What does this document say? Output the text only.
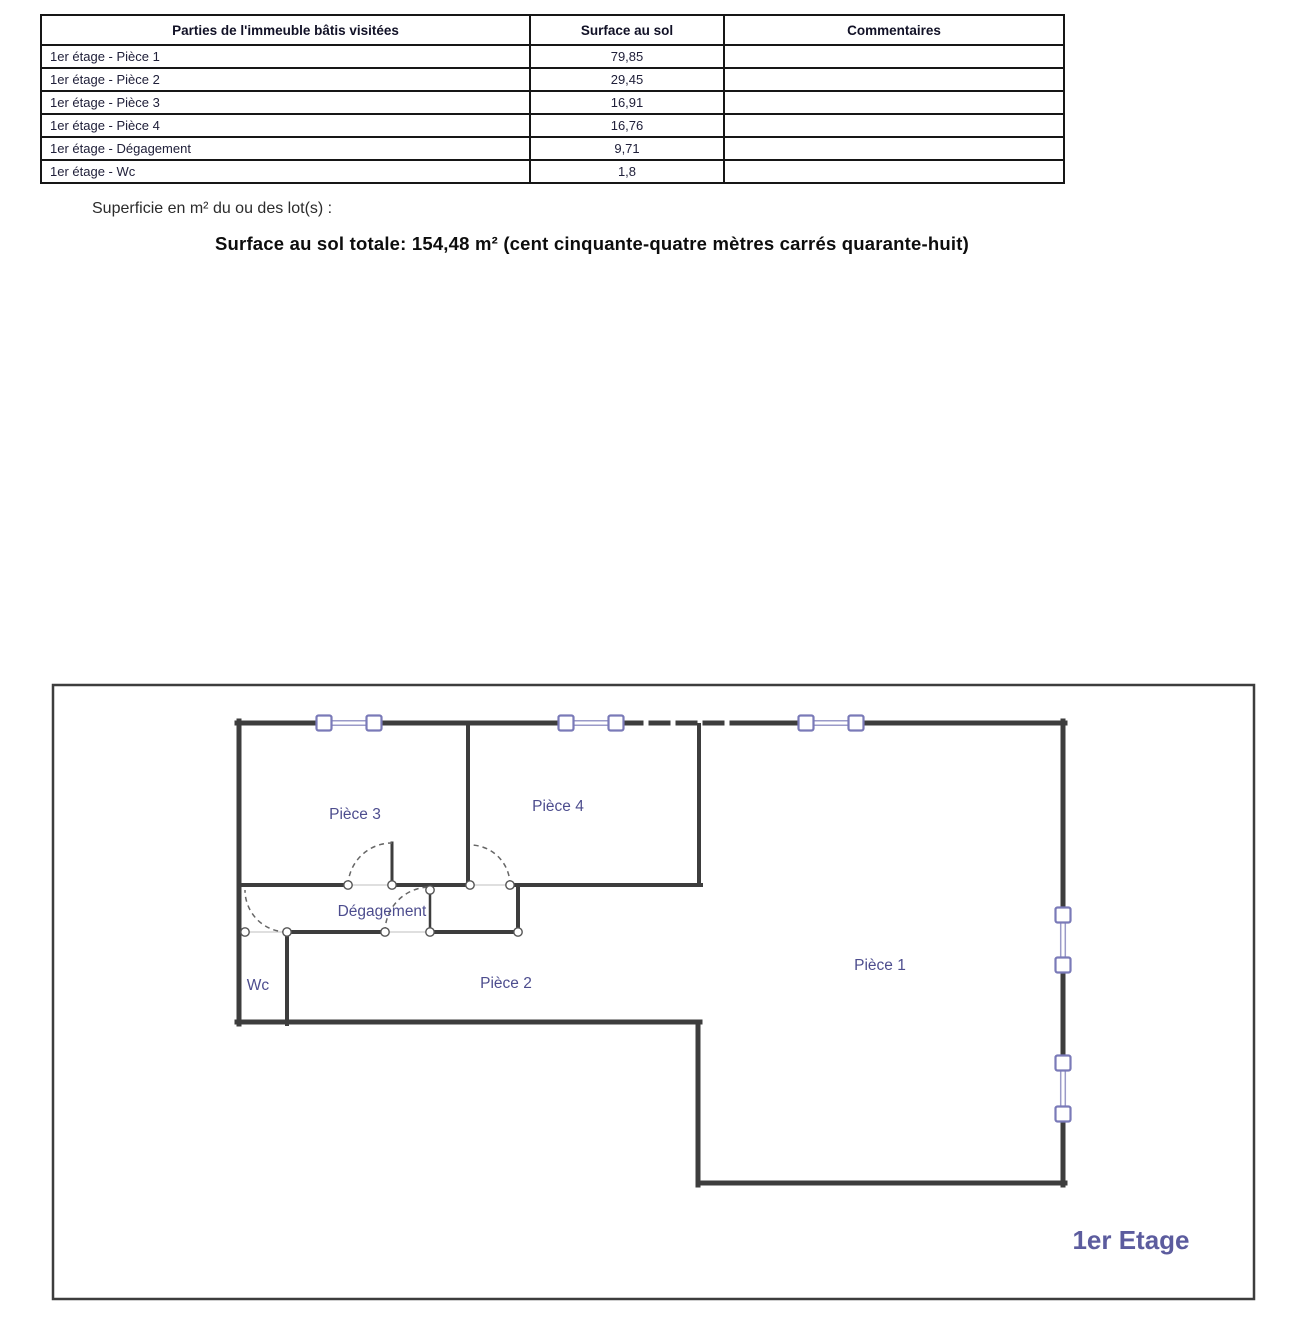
Parties de l'immeuble bâtis visitées	Surface au sol	Commentaires
1er étage - Pièce 1	79,85	
1er étage - Pièce 2	29,45	
1er étage - Pièce 3	16,91	
1er étage - Pièce 4	16,76	
1er étage - Dégagement	9,71	
1er étage - Wc	1,8	
Superficie en m² du ou des lot(s) :
Surface au sol totale: 154,48 m² (cent cinquante-quatre mètres carrés quarante-huit)
Pièce 3	Pièce 4
Dégagement
Wc	Pièce 2
Pièce 1
1er Etage
